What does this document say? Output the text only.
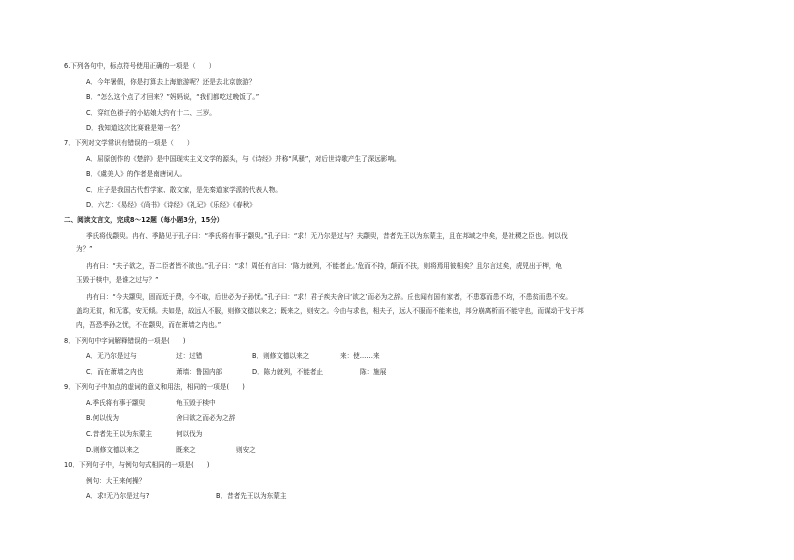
6.下列各句中，标点符号使用正确的一项是（　　）
A．今年暑假，你是打算去上海旅游呢？还是去北京旅游？
B．“怎么这个点了才回来？”妈妈说，“我们都吃过晚饭了。”
C．穿红色褂子的小姑娘大约有十二、三岁。
D．我知道这次比赛谁是第一名？
7．下列对文学常识有错误的一项是（　　）
A．屈原创作的《楚辞》是中国现实主义文学的源头，与《诗经》并称“风骚”，对后世诗歌产生了深远影响。
B．《虞美人》的作者是南唐词人。
C．庄子是我国古代哲学家、散文家，是先秦道家学派的代表人物。
D．六艺：《易经》《尚书》《诗经》《礼记》《乐经》《春秋》
二、阅读文言文，完成8～12题（每小题3分，15分）
季氏将伐颛臾。冉有、季路见于孔子曰：“季氏将有事于颛臾。”孔子曰：“求！无乃尔是过与？夫颛臾，昔者先王以为东蒙主，且在邦域之中矣，是社稷之臣也。何以伐
为？”
冉有曰：“夫子欲之，吾二臣者皆不欲也。”孔子曰：“求！周任有言曰：‘陈力就列，不能者止。’危而不持，颠而不扶，则将焉用彼相矣？且尔言过矣，虎兕出于柙，龟
玉毁于椟中，是谁之过与？”
冉有曰：“今夫颛臾，固而近于费，今不取，后世必为子孙忧。”孔子曰：“求！君子疾夫舍曰‘欲之’而必为之辞。丘也闻有国有家者，不患寡而患不均，不患贫而患不安。
盖均无贫，和无寡，安无倾。夫如是，故远人不服，则修文德以来之；既来之，则安之。今由与求也，相夫子，远人不服而不能来也，邦分崩离析而不能守也，而谋动干戈于邦
内，吾恐季孙之忧，不在颛臾，而在萧墙之内也。”
8．下列句中字词解释错误的一项是(　　)
A．无乃尔是过与	过：过错	B．则修文德以来之	来：使……来
C．而在萧墙之内也	萧墙：鲁国内部	D．陈力就列，不能者止	陈：施展
9．下列句子中加点的虚词的意义和用法，相同的一项是(　　)
A.季氏将有事于颛臾	龟玉毁于椟中
B.何以伐为	舍曰欲之而必为之辞
C.昔者先王以为东蒙主	何以伐为
D.则修文德以来之	既来之	则安之
10．下列句子中，与例句句式相同的一项是(　　)
例句：大王来何操？
A．求!无乃尔是过与?	B．昔者先王以为东蒙主
